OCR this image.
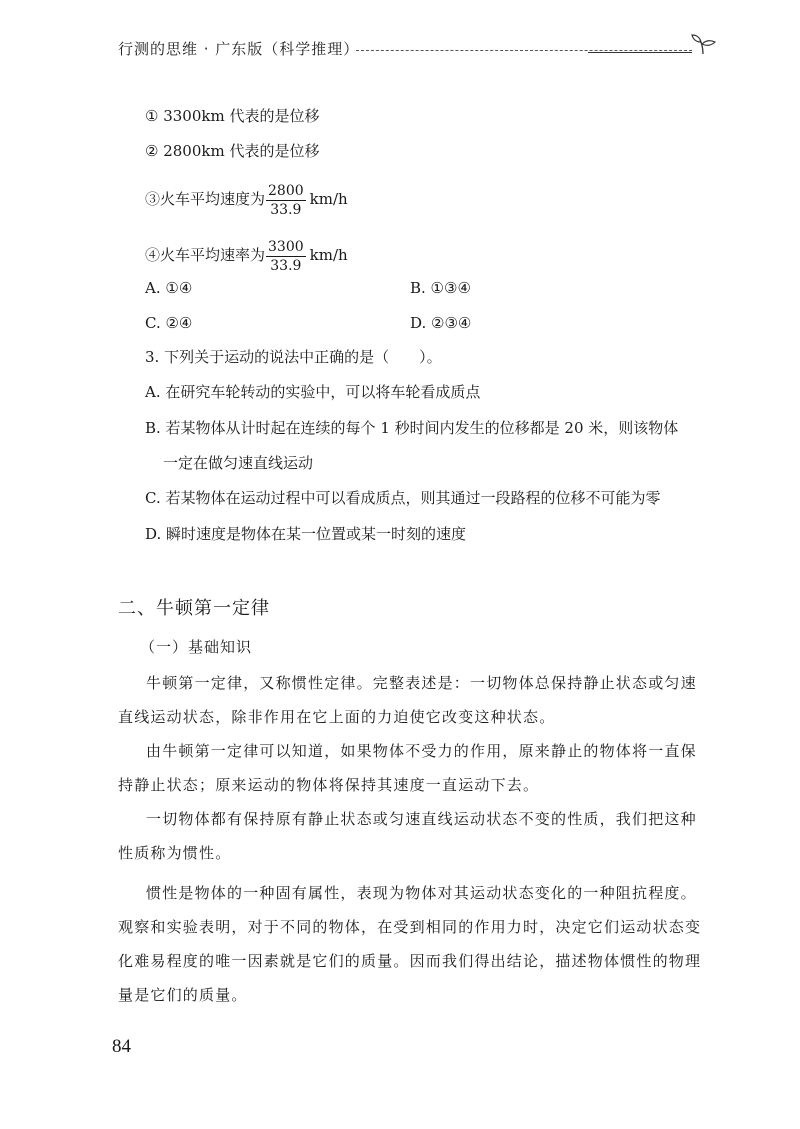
行测的思维 · 广东版（科学推理）
① 3300km 代表的是位移
② 2800km 代表的是位移
③火车平均速度为 $\frac{2800}{33.9} km/h$
④火车平均速率为 $\frac{3300}{33.9} km/h$
A. ①④	B. ①③④
C. ②④	D. ②③④
3. 下列关于运动的说法中正确的是（　　）。
A. 在研究车轮转动的实验中，可以将车轮看成质点
B. 若某物体从计时起在连续的每个 1 秒时间内发生的位移都是 20 米，则该物体
一定在做匀速直线运动
C. 若某物体在运动过程中可以看成质点，则其通过一段路程的位移不可能为零
D. 瞬时速度是物体在某一位置或某一时刻的速度
二、牛顿第一定律
（一）基础知识
牛顿第一定律，又称惯性定律。完整表述是：一切物体总保持静止状态或匀速直线运动状态，除非作用在它上面的力迫使它改变这种状态。
由牛顿第一定律可以知道，如果物体不受力的作用，原来静止的物体将一直保持静止状态；原来运动的物体将保持其速度一直运动下去。
一切物体都有保持原有静止状态或匀速直线运动状态不变的性质，我们把这种性质称为惯性。
惯性是物体的一种固有属性，表现为物体对其运动状态变化的一种阻抗程度。观察和实验表明，对于不同的物体，在受到相同的作用力时，决定它们运动状态变化难易程度的唯一因素就是它们的质量。因而我们得出结论，描述物体惯性的物理量是它们的质量。
84
